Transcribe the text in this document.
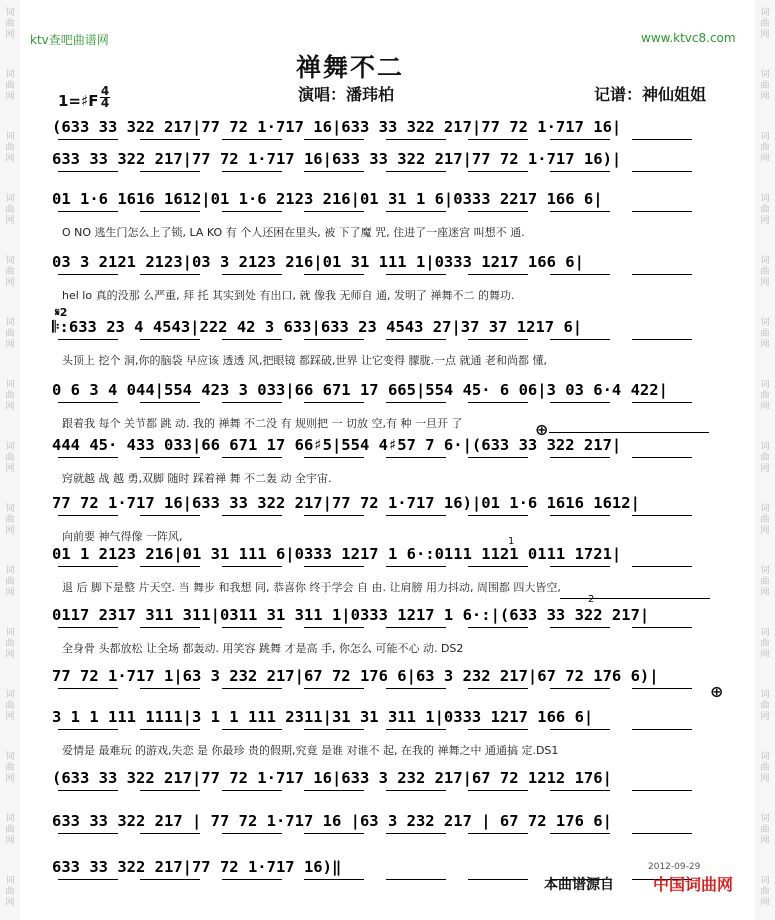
词
曲
网
词
曲
网
词
曲
网
词
曲
网
词
曲
网
词
曲
网
词
曲
网
词
曲
网
词
曲
网
词
曲
网
词
曲
网
词
曲
网
词
曲
网
词
曲
网
词
曲
网
词
曲
网
词
曲
网
词
曲
网
词
曲
网
词
曲
网
词
曲
网
词
曲
网
词
曲
网
词
曲
网
词
曲
网
词
曲
网
词
曲
网
词
曲
网
词
曲
网
词
曲
网
ktv查吧曲谱网	www.ktvc8.com
禅舞不二
1=♯F
4
4	演唱：潘玮柏	记谱：神仙姐姐
(633 33 322 217|77 72 1·717 16|633 33 322 217|77 72 1·717 16|
633 33 322 217|77 72 1·717 16|633 33 322 217|77 72 1·717 16)|
01 1·6 1616 1612|01 1·6 2123 216|01 31 1 6|0333 2217 166 6|
O NO 逃生门怎么上了锁, LA KO 有 个人还困在里头, 被 下了魔 咒, 住进了一座迷宫 叫想不 通.
03 3 2121 2123|03 3 2123 216|01 31 111 1|0333 1217 166 6|
hel lo 真的没那 么严重, 拜 托 其实到处 有出口, 就 像我 无师自 通, 发明了 禅舞不二 的舞功.
𝄆:633 23 4 4543|222 42 3 633|633 23 4543 27|37 37 1217 6|
头顶上 挖个 洞,你的脑袋 早应该 透透 风,把眼镜 都踩破,世界 让它变得 朦胧.一点 就通 老和尚都 懂,
0 6 3 4 044|554 423 3 033|66 671 17 665|554 45· 6 06|3 03 6·4 422|
跟着我 每个 关节都 跳 动. 我的 禅舞 不二没 有 规则把 一 切放 空,有 种 一旦开 了
444 45· 433 033|66 671 17 66♯5|554 4♯57 7 6·|(633 33 322 217|
窍就越 战 越 勇,双脚 随时 踩着禅 舞 不二轰 动 全宇宙.
77 72 1·717 16|633 33 322 217|77 72 1·717 16)|01 1·6 1616 1612|
向前要 神气得像 一阵风,
01 1 2123 216|01 31 111 6|0333 1217 1 6·:0111 1121 0111 1721|
退 后 脚下是整 片天空. 当 舞步 和我想 同, 恭喜你 终于学会 自 由. 让肩膀 用力抖动, 周围都 四大皆空,
0117 2317 311 311|0311 31 311 1|0333 1217 1 6·:|(633 33 322 217|
全身骨 头都放松 让全场 都轰动. 用笑容 跳舞 才是高 手, 你怎么 可能不心 动. DS2
77 72 1·717 1|63 3 232 217|67 72 176 6|63 3 232 217|67 72 176 6)|
3 1 1 111 1111|3 1 1 111 2311|31 31 311 1|0333 1217 166 6|
爱情是 最难玩 的游戏,失恋 是 你最珍 贵的假期,究竟 是谁 对谁不 起, 在我的 禅舞之中 通通搞 定.DS1
(633 33 322 217|77 72 1·717 16|633 3 232 217|67 72 1212 176|
633 33 322 217 | 77 72 1·717 16 |63 3 232 217 | 67 72 176 6|
633 33 322 217|77 72 1·717 16)‖
𝄋2
⊕
⊕
1
2
本曲谱源自 中国词曲网
2012-09-29
